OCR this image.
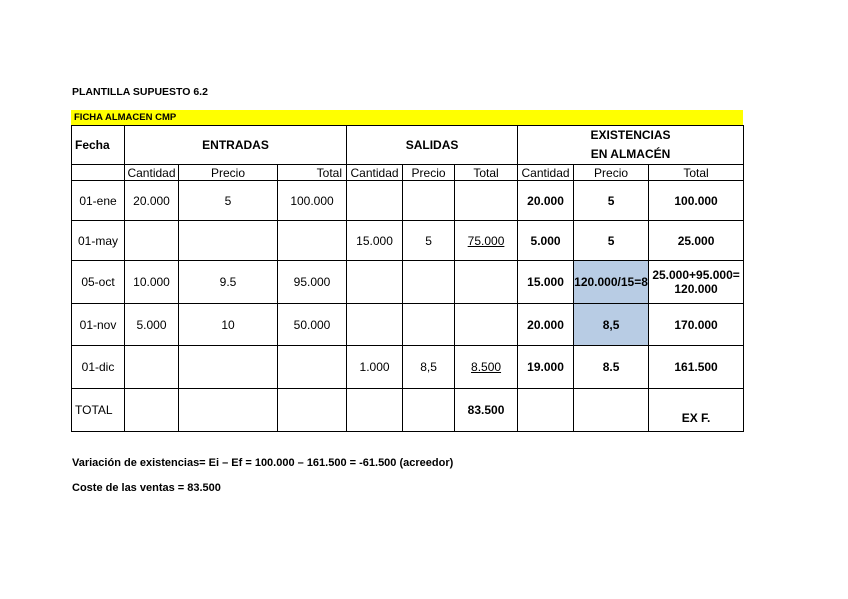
PLANTILLA SUPUESTO 6.2
FICHA ALMACEN CMP
Fecha	ENTRADAS			SALIDAS			EXISTENCIAS
EN ALMACÉN		

	Cantidad	Precio	Total	Cantidad	Precio	Total	Cantidad	Precio	Total
01-ene	20.000	5	100.000				20.000	5	100.000
01-may				15.000	5	75.000	5.000	5	25.000
05-oct	10.000	9.5	95.000				15.000	120.000/15=8	25.000+95.000=120.000
01-nov	5.000	10	50.000				20.000	8,5	170.000
01-dic				1.000	8,5	8.500	19.000	8.5	161.500
TOTAL						83.500			EX F.
Variación de existencias= Ei – Ef = 100.000 – 161.500 = -61.500 (acreedor)
Coste de las ventas = 83.500
